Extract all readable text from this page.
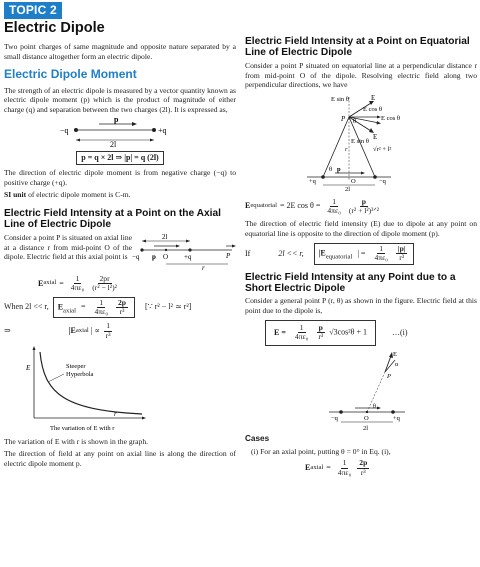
TOPIC 2
Electric Dipole

Two point charges of same magnitude and opposite nature separated by a small distance altogether form an electric dipole.

Electric Dipole Moment

The strength of an electric dipole is measured by a vector quantity known as electric dipole moment (p) which is the product of magnitude of either charge (q) and separation between the two charges (2l). It is expressed as,

−q	+q
p
2l
p = q × 2l ⇒ |p| = q (2l)

The direction of electric dipole moment is from negative charge (−q) to positive charge (+q).

SI unit of electric dipole moment is C-m.

Electric Field Intensity at a Point on the Axial Line of Electric Dipole

Consider a point P is situated on axial line at a distance r from mid-point O of the dipole. Electric field at this axial point is

2l
−q p O +q
r
P
E axial = $\frac{1}{\text{4πε₀}} \frac{2pr}{\text{(r² − l²)²}}$
When 2l << r,	$E_{axial} = \frac{1}{\text{4πε₀}}$
$\frac{2p}{\text{r³}}$ [∵ r² − l² ≃ r²]
⇒	|E axial | ∝ $\frac{1}{\text{r³}}$
E	Steeper
Hyperbola
r
The variation of E with r

The variation of E with r is shown in the graph.

The direction of field at any point on axial line is along the direction of electric dipole moment p.

Electric Field Intensity at a Point on Equatorial Line of Electric Dipole

Consider a point P situated on equatorial line at a perpendicular distance r from mid-point O of the dipole. Resolving electric field along two perpendicular directions, we have

E sin θ	E
E cos θ
E cos θ
P θ
E
E sin θ
√r² + l²
θ
r
+q	−q
p
O
2l
E equatorial = 2E $\cos \theta = \frac{1}{\text{4πε₀}} \frac{p}{\text{(r² + l²)³ᐟ²}}$

The direction of electric field intensity (E) due to dipole at any point on equatorial line is opposite to the direction of dipole moment (p).

If	2l << r,	$|E_{equatorial}$ | = $\frac{1}{\text{4πε₀}}$
$\frac{|p|}{\text{r³}}$
Electric Field Intensity at any Point due to a Short Electric Dipole

Consider a general point P (r, θ) as shown in the figure. Electric field at this point due to the dipole is,

$E = \frac{1}{\text{4πε₀}}$
$\frac{p}{\text{r³}} √3\cos^2\theta + 1$	…(i)
E
α
P
θ
−q	O	+q
2l
Cases

(i) For an axial point, putting θ = 0° in Eq. (i),

E axial = $\frac{1}{\text{4πε₀}} \frac{2p}{\text{r³}}$
